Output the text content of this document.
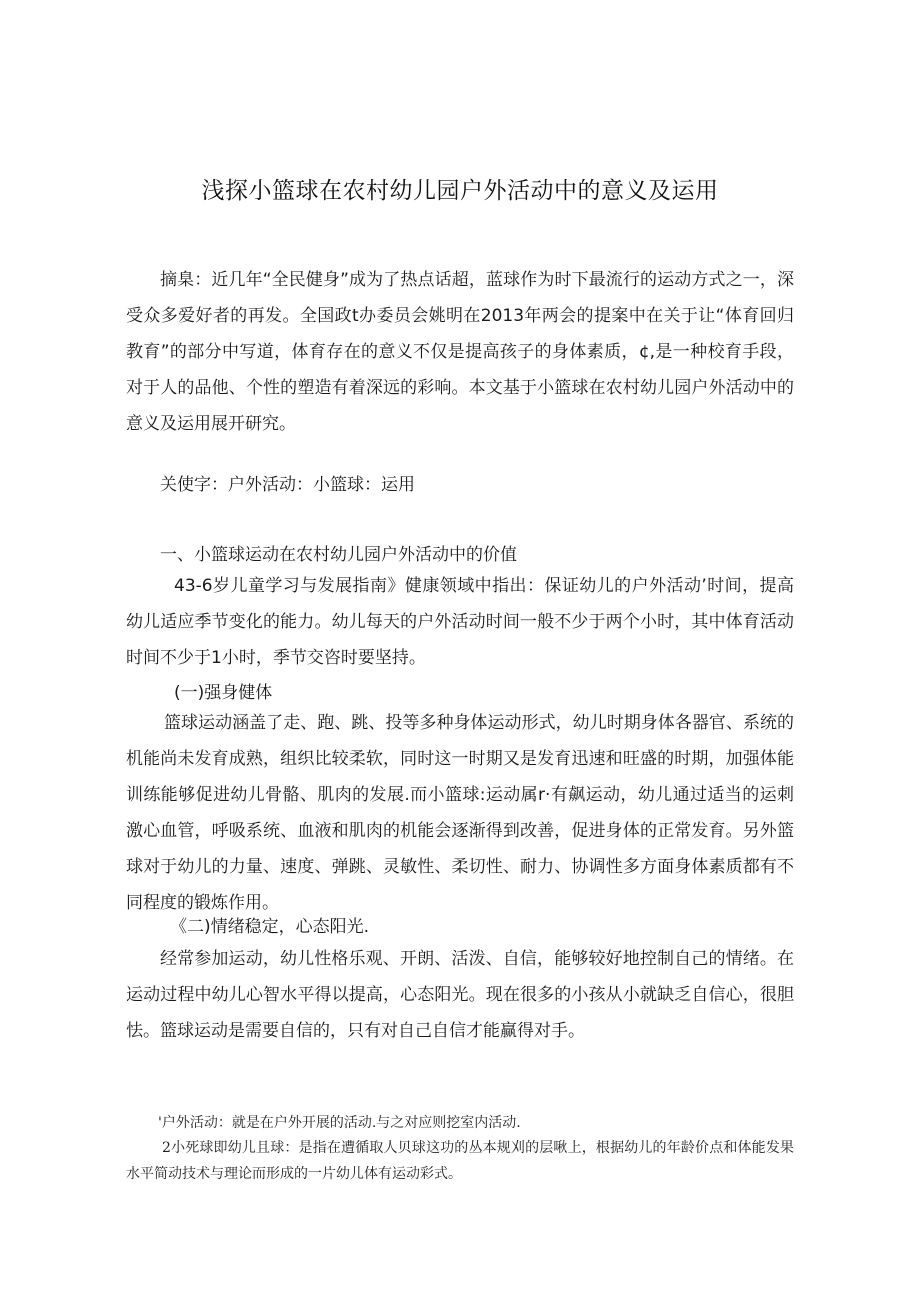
浅探小篮球在农村幼儿园户外活动中的意义及运用

摘臬：近几年“全民健身”成为了热点话超，蓝球作为时下最流行的运动方式之一，深受众多爱好者的再发。全国政t办委员会姚明在2013年两会的提案中在关于让“体育回归教育”的部分中写道，体育存在的意义不仅是提高孩子的身体素质，¢,是一种校育手段，对于人的品他、个性的塑造有着深远的彩响。本文基于小篮球在农村幼儿园户外活动中的意义及运用展开研究。

关使字：户外活动：小篮球：运用

一、小篮球运动在农村幼儿园户外活动中的价值

43-6岁儿童学习与发展指南》健康领域中指出：保证幼儿的户外活动’时间，提高幼儿适应季节变化的能力。幼儿每天的户外活动时间一般不少于两个小时，其中体育活动时间不少于1小时，季节交咨时要坚持。

(一)强身健体

篮球运动涵盖了走、跑、跳、投等多种身体运动形式，幼儿时期身体各器官、系统的机能尚未发育成熟，组织比较柔软，同时这一时期又是发育迅速和旺盛的时期，加强体能训练能够促进幼儿骨骼、肌肉的发展.而小篮球:运动属r·有飙运动，幼儿通过适当的运刺激心血管，呼吸系统、血液和肌肉的机能会逐渐得到改善，促进身体的正常发育。另外篮球对于幼儿的力量、速度、弹跳、灵敏性、柔切性、耐力、协调性多方面身体素质都有不同程度的锻炼作用。

《二)情绪稳定，心态阳光.

经常参加运动，幼儿性格乐观、开朗、活泼、自信，能够较好地控制自己的情绪。在运动过程中幼儿心智水平得以提高，心态阳光。现在很多的小孩从小就缺乏自信心，很胆怯。篮球运动是需要自信的，只有对自己自信才能赢得对手。

'户外活动：就是在户外开展的活动.与之对应则挖室内活动.

2小死球即幼儿且球：是指在遭循取人贝球这功的丛本规刈的层啾上，根据幼儿的年龄价点和体能发果水平简动技术与理论而形成的一片幼儿体有运动彩式。
